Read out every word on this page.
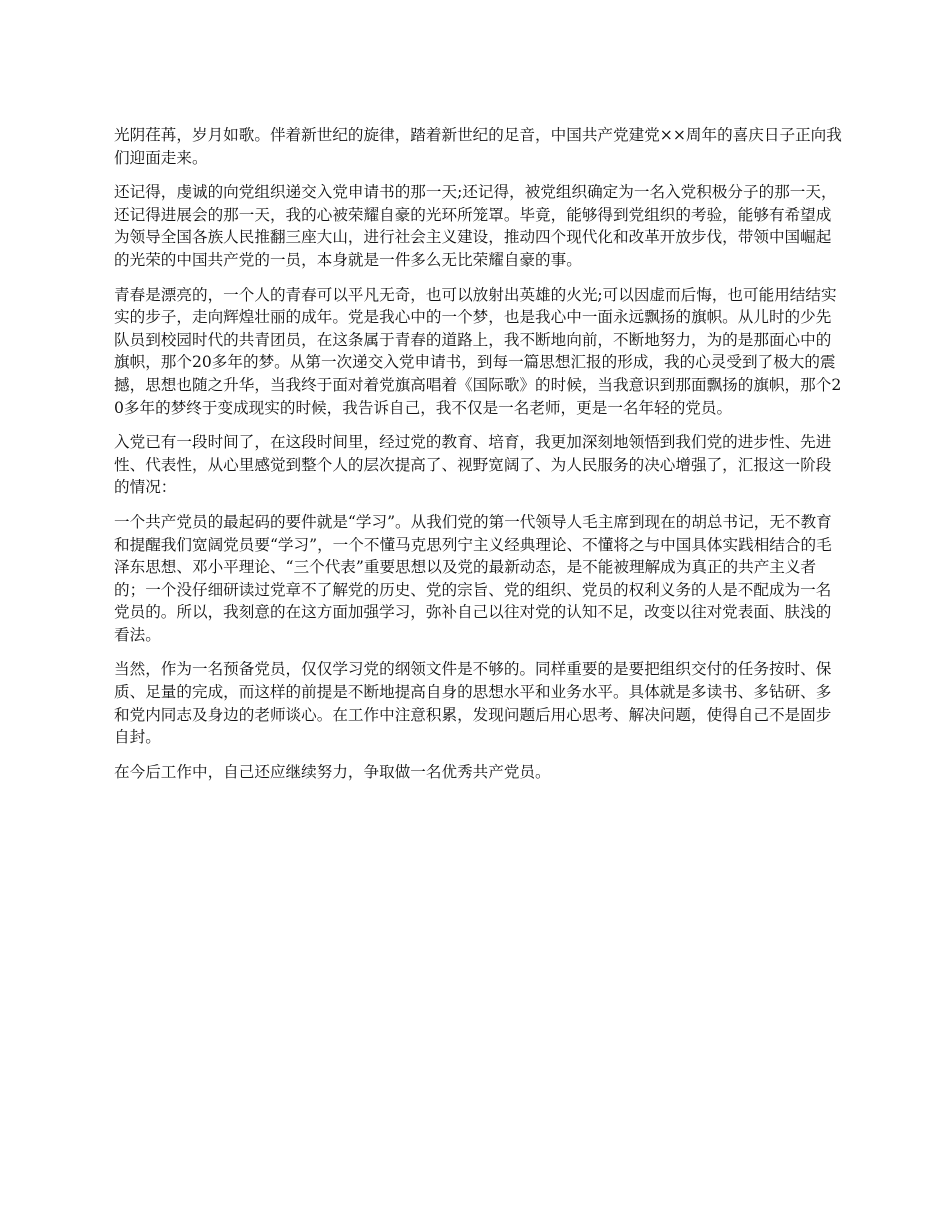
光阴荏苒，岁月如歌。伴着新世纪的旋律，踏着新世纪的足音，中国共产党建党××周年的喜庆日子正向我们迎面走来。

还记得，虔诚的向党组织递交入党申请书的那一天;还记得，被党组织确定为一名入党积极分子的那一天，还记得进展会的那一天，我的心被荣耀自豪的光环所笼罩。毕竟，能够得到党组织的考验，能够有希望成为领导全国各族人民推翻三座大山，进行社会主义建设，推动四个现代化和改革开放步伐，带领中国崛起的光荣的中国共产党的一员，本身就是一件多么无比荣耀自豪的事。

青春是漂亮的，一个人的青春可以平凡无奇，也可以放射出英雄的火光;可以因虚而后悔，也可能用结结实实的步子，走向辉煌壮丽的成年。党是我心中的一个梦，也是我心中一面永远飘扬的旗帜。从儿时的少先队员到校园时代的共青团员，在这条属于青春的道路上，我不断地向前，不断地努力，为的是那面心中的旗帜，那个20多年的梦。从第一次递交入党申请书，到每一篇思想汇报的形成，我的心灵受到了极大的震撼，思想也随之升华，当我终于面对着党旗高唱着《国际歌》的时候，当我意识到那面飘扬的旗帜，那个20多年的梦终于变成现实的时候，我告诉自己，我不仅是一名老师，更是一名年轻的党员。

入党已有一段时间了，在这段时间里，经过党的教育、培育，我更加深刻地领悟到我们党的进步性、先进性、代表性，从心里感觉到整个人的层次提高了、视野宽阔了、为人民服务的决心增强了，汇报这一阶段的情况：

一个共产党员的最起码的要件就是“学习”。从我们党的第一代领导人毛主席到现在的胡总书记，无不教育和提醒我们宽阔党员要“学习”，一个不懂马克思列宁主义经典理论、不懂将之与中国具体实践相结合的毛泽东思想、邓小平理论、“三个代表”重要思想以及党的最新动态，是不能被理解成为真正的共产主义者的；一个没仔细研读过党章不了解党的历史、党的宗旨、党的组织、党员的权利义务的人是不配成为一名党员的。所以，我刻意的在这方面加强学习，弥补自己以往对党的认知不足，改变以往对党表面、肤浅的看法。

当然，作为一名预备党员，仅仅学习党的纲领文件是不够的。同样重要的是要把组织交付的任务按时、保质、足量的完成，而这样的前提是不断地提高自身的思想水平和业务水平。具体就是多读书、多钻研、多和党内同志及身边的老师谈心。在工作中注意积累，发现问题后用心思考、解决问题，使得自己不是固步自封。

在今后工作中，自己还应继续努力，争取做一名优秀共产党员。
